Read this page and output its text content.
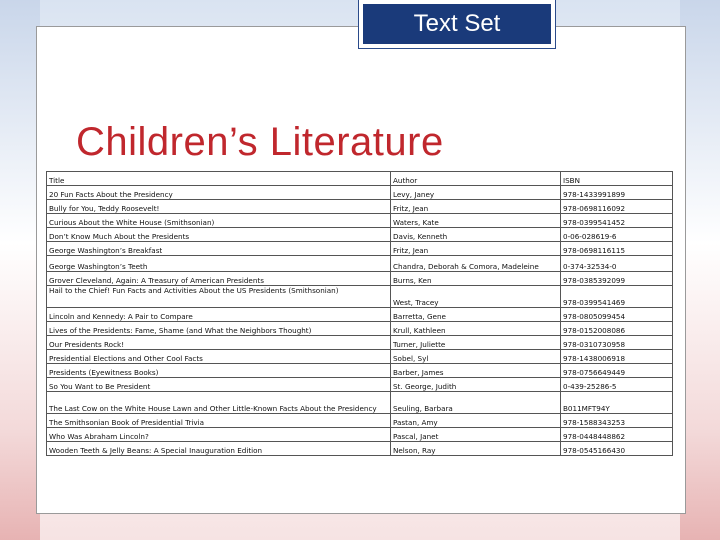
Text Set
Children’s Literature
Title	Author	ISBN
20 Fun Facts About the Presidency	Levy, Janey	978-1433991899
Bully for You, Teddy Roosevelt!	Fritz, Jean	978-0698116092
Curious About the White House (Smithsonian)	Waters, Kate	978-0399541452
Don’t Know Much About the Presidents	Davis, Kenneth	0-06-028619-6
George Washington’s Breakfast	Fritz, Jean	978-0698116115
George Washington’s Teeth	Chandra, Deborah & Comora, Madeleine	0-374-32534-0
Grover Cleveland, Again: A Treasury of American Presidents	Burns, Ken	978-0385392099
Hail to the Chief! Fun Facts and Activities About the US Presidents (Smithsonian)	West, Tracey	978-0399541469
Lincoln and Kennedy: A Pair to Compare	Barretta, Gene	978-0805099454
Lives of the Presidents: Fame, Shame (and What the Neighbors Thought)	Krull, Kathleen	978-0152008086
Our Presidents Rock!	Turner, Juliette	978-0310730958
Presidential Elections and Other Cool Facts	Sobel, Syl	978-1438006918
Presidents (Eyewitness Books)	Barber, James	978-0756649449
So You Want to Be President	St. George, Judith	0-439-25286-5
The Last Cow on the White House Lawn and Other Little-Known Facts About the Presidency	Seuling, Barbara	B011MFT94Y
The Smithsonian Book of Presidential Trivia	Pastan, Amy	978-1588343253
Who Was Abraham Lincoln?	Pascal, Janet	978-0448448862
Wooden Teeth & Jelly Beans: A Special Inauguration Edition	Nelson, Ray	978-0545166430
